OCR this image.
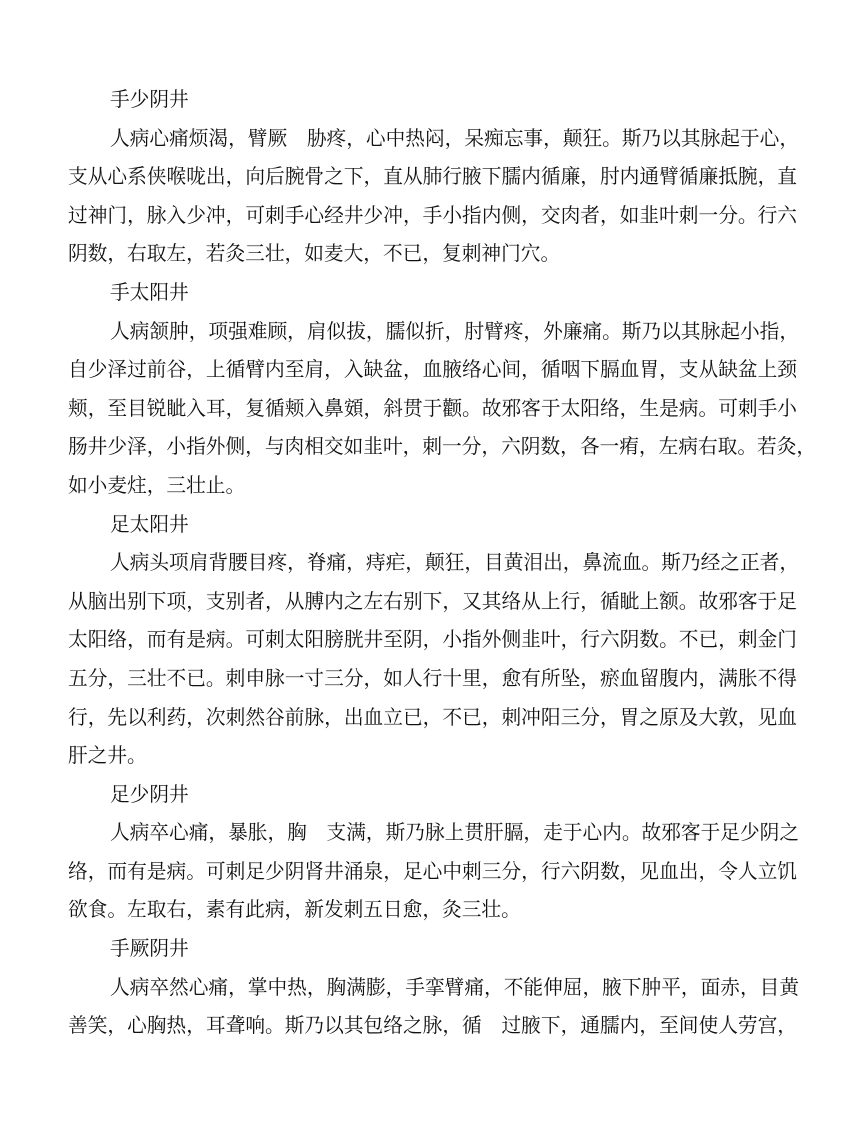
手少阴井
人病心痛烦渴，臂厥　胁疼，心中热闷，呆痴忘事，颠狂。斯乃以其脉起于心，
支从心系侠喉咙出，向后腕骨之下，直从肺行腋下臑内循廉，肘内通臂循廉抵腕，直
过神门，脉入少冲，可刺手心经井少冲，手小指内侧，交肉者，如韭叶刺一分。行六
阴数，右取左，若灸三壮，如麦大，不已，复刺神门穴。
手太阳井
人病颔肿，项强难顾，肩似拔，臑似折，肘臂疼，外廉痛。斯乃以其脉起小指，
自少泽过前谷，上循臂内至肩，入缺盆，血腋络心间，循咽下膈血胃，支从缺盆上颈
颊，至目锐眦入耳，复循颊入鼻頞，斜贯于颧。故邪客于太阳络，生是病。可刺手小
肠井少泽，小指外侧，与肉相交如韭叶，刺一分，六阴数，各一痏，左病右取。若灸，
如小麦炷，三壮止。
足太阳井
人病头项肩背腰目疼，脊痛，痔疟，颠狂，目黄泪出，鼻流血。斯乃经之正者，
从脑出别下项，支别者，从膊内之左右别下，又其络从上行，循眦上额。故邪客于足
太阳络，而有是病。可刺太阳膀胱井至阴，小指外侧韭叶，行六阴数。不已，刺金门
五分，三壮不已。刺申脉一寸三分，如人行十里，愈有所坠，瘀血留腹内，满胀不得
行，先以利药，次刺然谷前脉，出血立已，不已，刺冲阳三分，胃之原及大敦，见血
肝之井。
足少阴井
人病卒心痛，暴胀，胸　支满，斯乃脉上贯肝膈，走于心内。故邪客于足少阴之
络，而有是病。可刺足少阴肾井涌泉，足心中刺三分，行六阴数，见血出，令人立饥
欲食。左取右，素有此病，新发刺五日愈，灸三壮。
手厥阴井
人病卒然心痛，掌中热，胸满膨，手挛臂痛，不能伸屈，腋下肿平，面赤，目黄
善笑，心胸热，耳聋响。斯乃以其包络之脉，循　过腋下，通臑内，至间使人劳宫，
